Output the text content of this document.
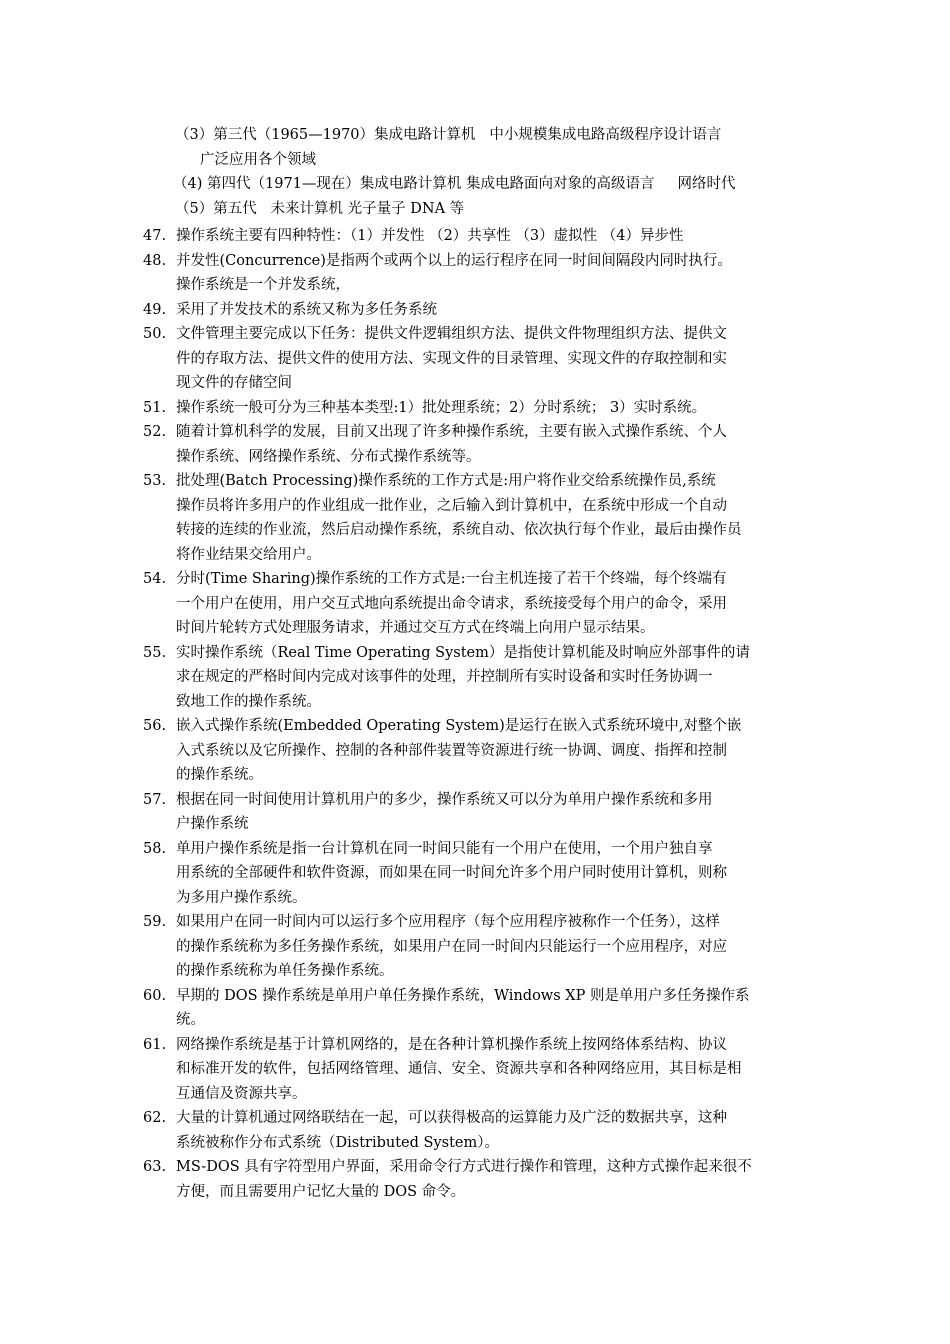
（3）第三代（1965—1970）集成电路计算机   中小规模集成电路高级程序设计语言
广泛应用各个领域
（4) 第四代（1971—现在）集成电路计算机 集成电路面向对象的高级语言     网络时代
（5）第五代   未来计算机 光子量子 DNA 等
47. 操作系统主要有四种特性：（1）并发性 （2）共享性 （3）虚拟性 （4）异步性
48. 并发性(Concurrence)是指两个或两个以上的运行程序在同一时间间隔段内同时执行。
操作系统是一个并发系统，
49. 采用了并发技术的系统又称为多任务系统
50. 文件管理主要完成以下任务：提供文件逻辑组织方法、提供文件物理组织方法、提供文
件的存取方法、提供文件的使用方法、实现文件的目录管理、实现文件的存取控制和实
现文件的存储空间
51. 操作系统一般可分为三种基本类型:1）批处理系统；2）分时系统； 3）实时系统。
52. 随着计算机科学的发展，目前又出现了许多种操作系统，主要有嵌入式操作系统、个人
操作系统、网络操作系统、分布式操作系统等。
53. 批处理(Batch Processing)操作系统的工作方式是:用户将作业交给系统操作员,系统
操作员将许多用户的作业组成一批作业，之后输入到计算机中，在系统中形成一个自动
转接的连续的作业流，然后启动操作系统，系统自动、依次执行每个作业，最后由操作员
将作业结果交给用户。
54. 分时(Time Sharing)操作系统的工作方式是:一台主机连接了若干个终端，每个终端有
一个用户在使用，用户交互式地向系统提出命令请求，系统接受每个用户的命令，采用
时间片轮转方式处理服务请求，并通过交互方式在终端上向用户显示结果。
55. 实时操作系统（Real Time Operating System）是指使计算机能及时响应外部事件的请
求在规定的严格时间内完成对该事件的处理，并控制所有实时设备和实时任务协调一
致地工作的操作系统。
56. 嵌入式操作系统(Embedded Operating System)是运行在嵌入式系统环境中,对整个嵌
入式系统以及它所操作、控制的各种部件装置等资源进行统一协调、调度、指挥和控制
的操作系统。
57. 根据在同一时间使用计算机用户的多少，操作系统又可以分为单用户操作系统和多用
户操作系统
58. 单用户操作系统是指一台计算机在同一时间只能有一个用户在使用，一个用户独自享
用系统的全部硬件和软件资源，而如果在同一时间允许多个用户同时使用计算机，则称
为多用户操作系统。
59. 如果用户在同一时间内可以运行多个应用程序（每个应用程序被称作一个任务），这样
的操作系统称为多任务操作系统，如果用户在同一时间内只能运行一个应用程序，对应
的操作系统称为单任务操作系统。
60. 早期的 DOS 操作系统是单用户单任务操作系统，Windows XP 则是单用户多任务操作系
统。
61. 网络操作系统是基于计算机网络的，是在各种计算机操作系统上按网络体系结构、协议
和标准开发的软件，包括网络管理、通信、安全、资源共享和各种网络应用，其目标是相
互通信及资源共享。
62. 大量的计算机通过网络联结在一起，可以获得极高的运算能力及广泛的数据共享，这种
系统被称作分布式系统（Distributed System）。
63. MS-DOS 具有字符型用户界面，采用命令行方式进行操作和管理，这种方式操作起来很不
方便，而且需要用户记忆大量的 DOS 命令。
